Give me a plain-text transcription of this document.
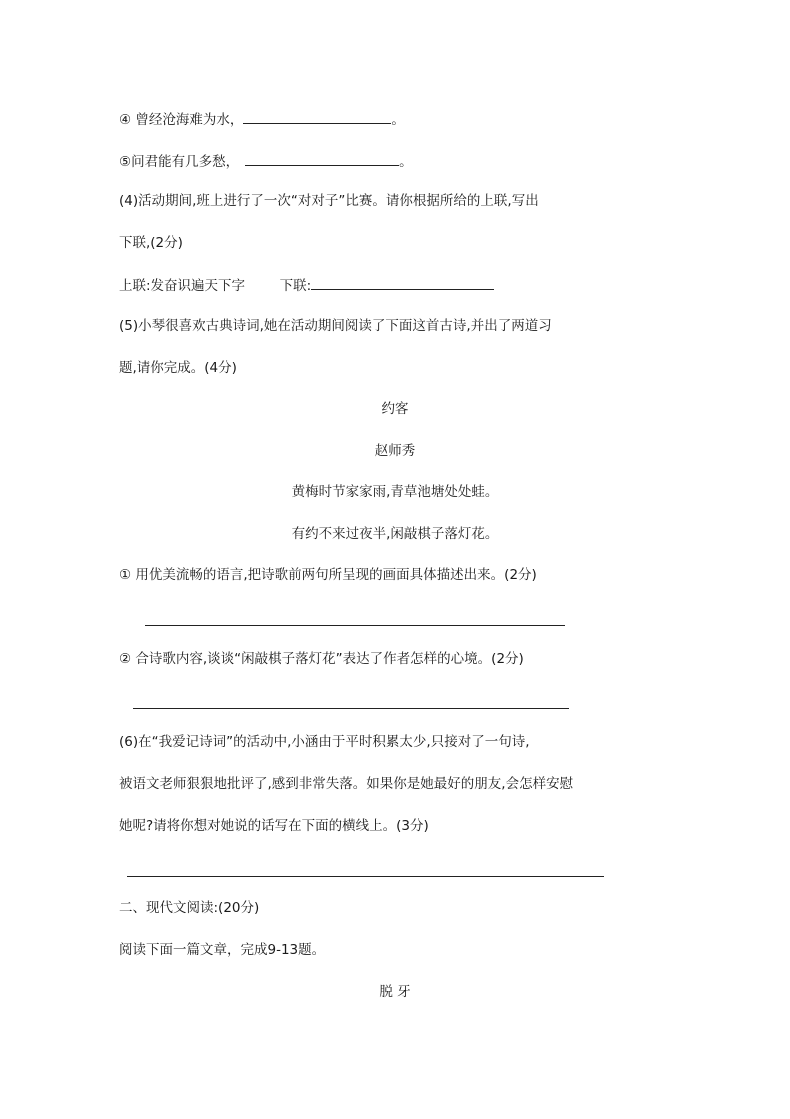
④ 曾经沧海难为水，	。
⑤问君能有几多愁，	。
(4)活动期间,班上进行了一次“对对子”比赛。请你根据所给的上联,写出
下联,(2分)
上联:发奋识遍天下字	下联:
(5)小琴很喜欢古典诗词,她在活动期间阅读了下面这首古诗,并出了两道习
题,请你完成。(4分)
约客
赵师秀
黄梅时节家家雨,青草池塘处处蛙。
有约不来过夜半,闲敲棋子落灯花。
① 用优美流畅的语言,把诗歌前两句所呈现的画面具体描述出来。(2分)
② 合诗歌内容,谈谈“闲敲棋子落灯花”表达了作者怎样的心境。(2分)
(6)在“我爱记诗词”的活动中,小涵由于平时积累太少,只接对了一句诗,
被语文老师狠狠地批评了,感到非常失落。如果你是她最好的朋友,会怎样安慰
她呢?请将你想对她说的话写在下面的横线上。(3分)
二、现代文阅读:(20分)
阅读下面一篇文章，完成9-13题。
脱 牙
